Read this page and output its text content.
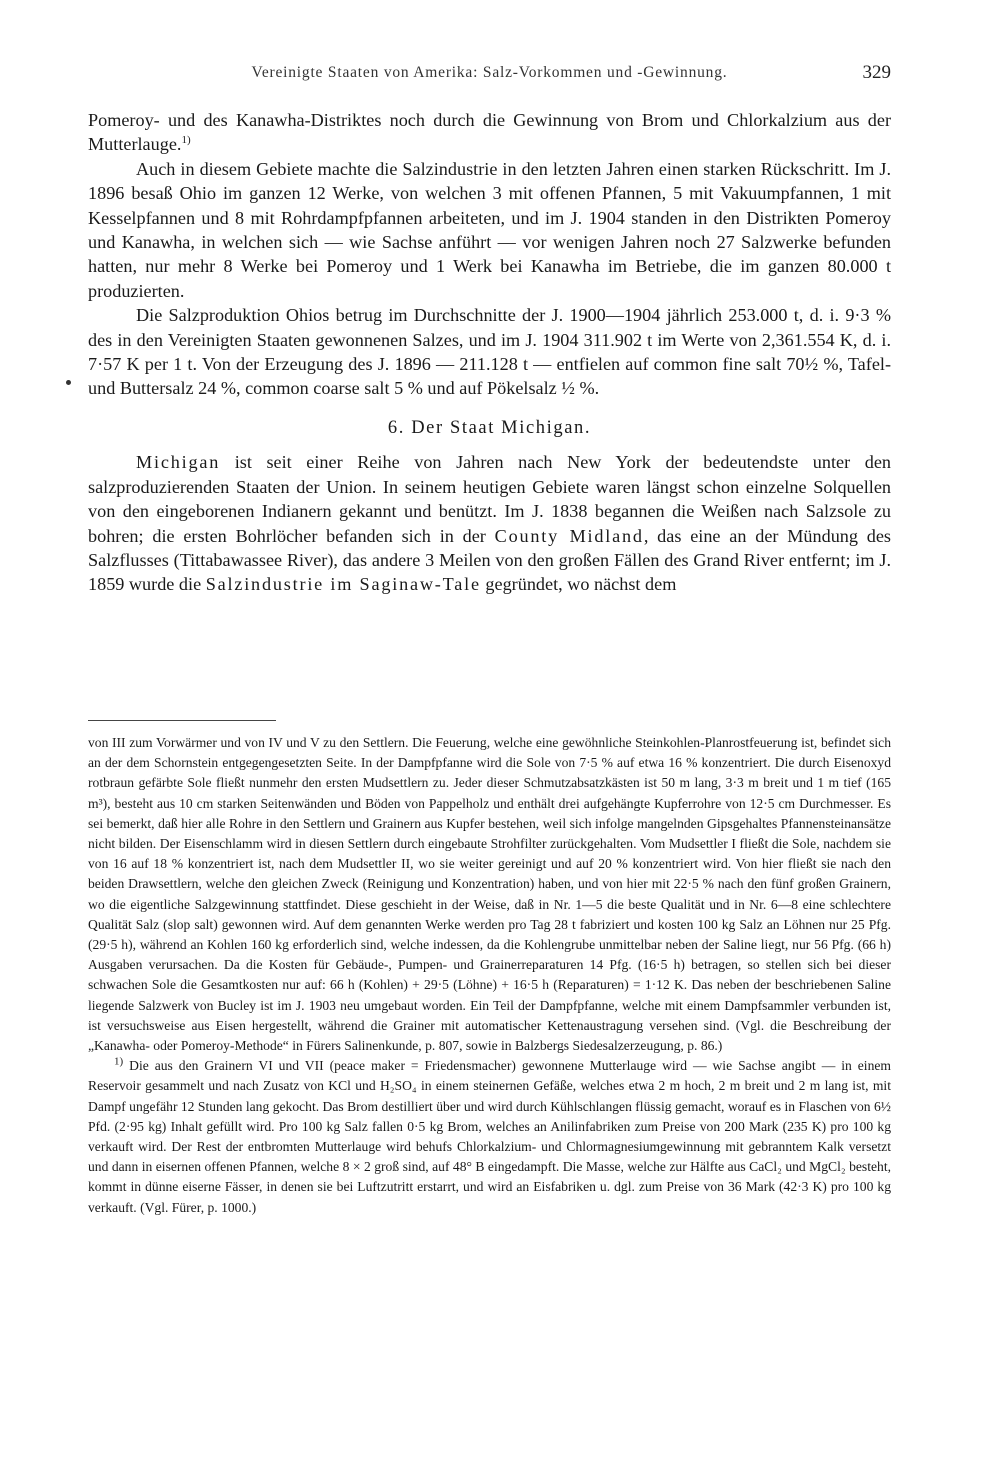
Vereinigte Staaten von Amerika: Salz-Vorkommen und -Gewinnung.	329

Pomeroy- und des Kanawha-Distriktes noch durch die Gewinnung von Brom und Chlorkalzium aus der Mutterlauge.$^{1)}$

Auch in diesem Gebiete machte die Salzindustrie in den letzten Jahren einen starken Rückschritt. Im J. 1896 besaß Ohio im ganzen 12 Werke, von welchen 3 mit offenen Pfannen, 5 mit Vakuumpfannen, 1 mit Kesselpfannen und 8 mit Rohrdampfpfannen arbeiteten, und im J. 1904 standen in den Distrikten Pomeroy und Kanawha, in welchen sich — wie Sachse anführt — vor wenigen Jahren noch 27 Salzwerke befunden hatten, nur mehr 8 Werke bei Pomeroy und 1 Werk bei Kanawha im Betriebe, die im ganzen 80.000 t produzierten.

Die Salzproduktion Ohios betrug im Durchschnitte der J. 1900—1904 jährlich 253.000 t, d. i. 9·3 % des in den Vereinigten Staaten gewonnenen Salzes, und im J. 1904 311.902 t im Werte von 2,361.554 K, d. i. 7·57 K per 1 t. Von der Erzeugung des J. 1896 — 211.128 t — entfielen auf common fine salt 70½ %, Tafel- und Buttersalz 24 %, common coarse salt 5 % und auf Pökelsalz ½ %.

6. Der Staat Michigan.

Michigan ist seit einer Reihe von Jahren nach New York der bedeutendste unter den salzproduzierenden Staaten der Union. In seinem heutigen Gebiete waren längst schon einzelne Solquellen von den eingeborenen Indianern gekannt und benützt. Im J. 1838 begannen die Weißen nach Salzsole zu bohren; die ersten Bohrlöcher befanden sich in der County Midland, das eine an der Mündung des Salzflusses (Tittabawassee River), das andere 3 Meilen von den großen Fällen des Grand River entfernt; im J. 1859 wurde die Salzindustrie im Saginaw-Tale gegründet, wo nächst dem

von III zum Vorwärmer und von IV und V zu den Settlern. Die Feuerung, welche eine gewöhnliche Steinkohlen-Planrostfeuerung ist, befindet sich an der dem Schornstein entgegengesetzten Seite. In der Dampfpfanne wird die Sole von 7·5 % auf etwa 16 % konzentriert. Die durch Eisenoxyd rotbraun gefärbte Sole fließt nunmehr den ersten Mudsettlern zu. Jeder dieser Schmutzabsatzkästen ist 50 m lang, 3·3 m breit und 1 m tief (165 m³), besteht aus 10 cm starken Seitenwänden und Böden von Pappelholz und enthält drei aufgehängte Kupferrohre von 12·5 cm Durchmesser. Es sei bemerkt, daß hier alle Rohre in den Settlern und Grainern aus Kupfer bestehen, weil sich infolge mangelnden Gipsgehaltes Pfannensteinansätze nicht bilden. Der Eisenschlamm wird in diesen Settlern durch eingebaute Strohfilter zurückgehalten. Vom Mudsettler I fließt die Sole, nachdem sie von 16 auf 18 % konzentriert ist, nach dem Mudsettler II, wo sie weiter gereinigt und auf 20 % konzentriert wird. Von hier fließt sie nach den beiden Drawsettlern, welche den gleichen Zweck (Reinigung und Konzentration) haben, und von hier mit 22·5 % nach den fünf großen Grainern, wo die eigentliche Salzgewinnung stattfindet. Diese geschieht in der Weise, daß in Nr. 1—5 die beste Qualität und in Nr. 6—8 eine schlechtere Qualität Salz (slop salt) gewonnen wird. Auf dem genannten Werke werden pro Tag 28 t fabriziert und kosten 100 kg Salz an Löhnen nur 25 Pfg. (29·5 h), während an Kohlen 160 kg erforderlich sind, welche indessen, da die Kohlengrube unmittelbar neben der Saline liegt, nur 56 Pfg. (66 h) Ausgaben verursachen. Da die Kosten für Gebäude-, Pumpen- und Grainerreparaturen 14 Pfg. (16·5 h) betragen, so stellen sich bei dieser schwachen Sole die Gesamtkosten nur auf: 66 h (Kohlen) + 29·5 (Löhne) + 16·5 h (Reparaturen) = 1·12 K. Das neben der beschriebenen Saline liegende Salzwerk von Bucley ist im J. 1903 neu umgebaut worden. Ein Teil der Dampfpfanne, welche mit einem Dampfsammler verbunden ist, ist versuchsweise aus Eisen hergestellt, während die Grainer mit automatischer Kettenaustragung versehen sind. (Vgl. die Beschreibung der „Kanawha- oder Pomeroy-Methode“ in Fürers Salinenkunde, p. 807, sowie in Balzbergs Siedesalzerzeugung, p. 86.)

$^{1)}$ Die aus den Grainern VI und VII (peace maker = Friedensmacher) gewonnene Mutterlauge wird — wie Sachse angibt — in einem Reservoir gesammelt und nach Zusatz von KCl und H₂SO₄ in einem steinernen Gefäße, welches etwa 2 m hoch, 2 m breit und 2 m lang ist, mit Dampf ungefähr 12 Stunden lang gekocht. Das Brom destilliert über und wird durch Kühlschlangen flüssig gemacht, worauf es in Flaschen von 6½ Pfd. (2·95 kg) Inhalt gefüllt wird. Pro 100 kg Salz fallen 0·5 kg Brom, welches an Anilinfabriken zum Preise von 200 Mark (235 K) pro 100 kg verkauft wird. Der Rest der entbromten Mutterlauge wird behufs Chlorkalzium- und Chlormagnesiumgewinnung mit gebranntem Kalk versetzt und dann in eisernen offenen Pfannen, welche 8 × 2 groß sind, auf 48° B eingedampft. Die Masse, welche zur Hälfte aus CaCl₂ und MgCl₂ besteht, kommt in dünne eiserne Fässer, in denen sie bei Luftzutritt erstarrt, und wird an Eisfabriken u. dgl. zum Preise von 36 Mark (42·3 K) pro 100 kg verkauft. (Vgl. Fürer, p. 1000.)
